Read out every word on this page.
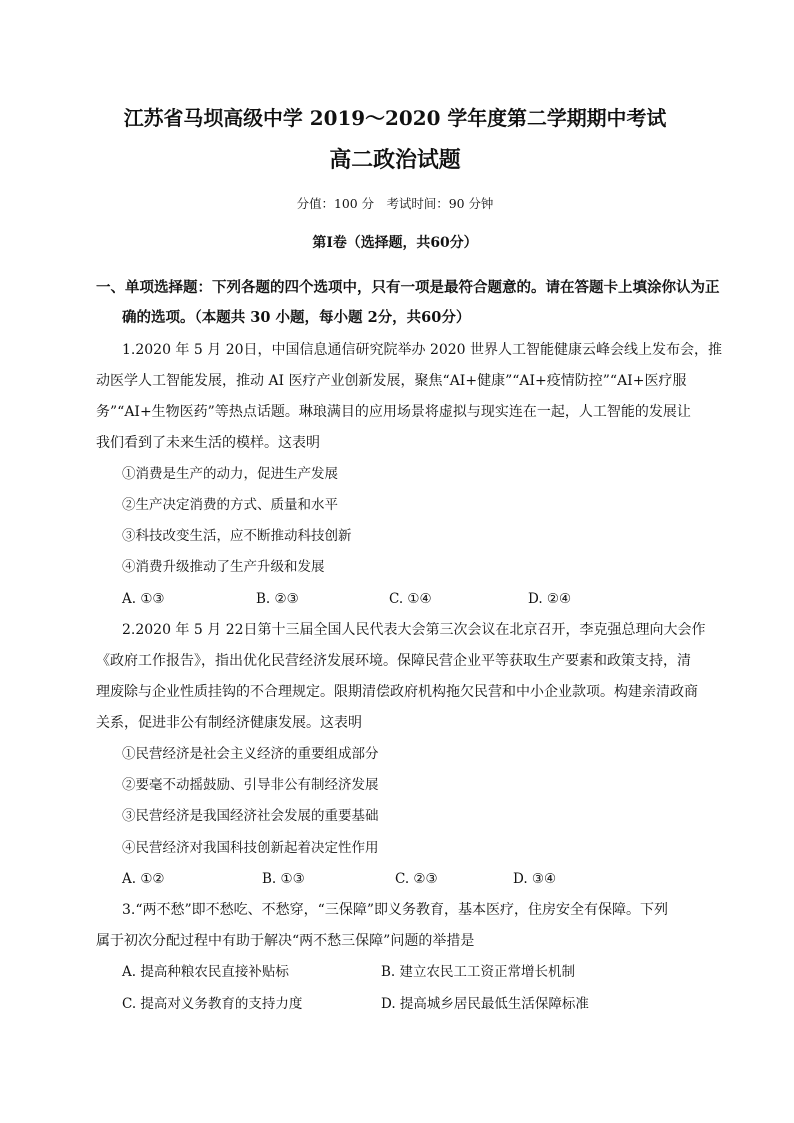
江苏省马坝高级中学 2019～2020 学年度第二学期期中考试
高二政治试题
分值：100 分　考试时间：90 分钟
第Ⅰ卷（选择题，共60分）
一、单项选择题：下列各题的四个选项中，只有一项是最符合题意的。请在答题卡上填涂你认为正
确的选项。（本题共 30 小题，每小题 2分，共60分）
1.2020 年 5 月 20日，中国信息通信研究院举办 2020 世界人工智能健康云峰会线上发布会，推
动医学人工智能发展，推动 AI 医疗产业创新发展，聚焦“AI+健康”“AI+疫情防控”“AI+医疗服
务”“AI+生物医药”等热点话题。琳琅满目的应用场景将虚拟与现实连在一起，人工智能的发展让
我们看到了未来生活的模样。这表明
①消费是生产的动力，促进生产发展
②生产决定消费的方式、质量和水平
③科技改变生活，应不断推动科技创新
④消费升级推动了生产升级和发展
A. ①③	B. ②③	C. ①④	D. ②④
2.2020 年 5 月 22日第十三届全国人民代表大会第三次会议在北京召开，李克强总理向大会作
《政府工作报告》，指出优化民营经济发展环境。保障民营企业平等获取生产要素和政策支持，清
理废除与企业性质挂钩的不合理规定。限期清偿政府机构拖欠民营和中小企业款项。构建亲清政商
关系，促进非公有制经济健康发展。这表明
①民营经济是社会主义经济的重要组成部分
②要毫不动摇鼓励、引导非公有制经济发展
③民营经济是我国经济社会发展的重要基础
④民营经济对我国科技创新起着决定性作用
A. ①②	B. ①③	C. ②③	D. ③④
3.“两不愁”即不愁吃、不愁穿，“三保障”即义务教育，基本医疗，住房安全有保障。下列
属于初次分配过程中有助于解决“两不愁三保障”问题的举措是
A. 提高种粮农民直接补贴标	B. 建立农民工工资正常增长机制
C. 提高对义务教育的支持力度	D. 提高城乡居民最低生活保障标准
